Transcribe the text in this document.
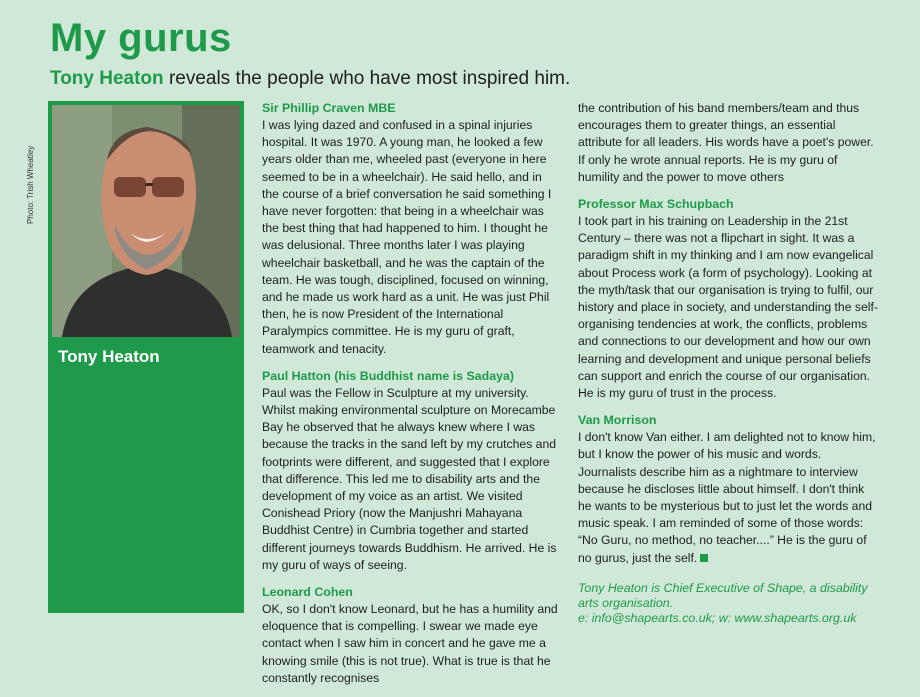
My gurus

Tony Heaton reveals the people who have most inspired him.

Photo: Trish Wheatley
Tony Heaton

Sir Phillip Craven MBE

I was lying dazed and confused in a spinal injuries hospital. It was 1970. A young man, he looked a few years older than me, wheeled past (everyone in here seemed to be in a wheelchair). He said hello, and in the course of a brief conversation he said something I have never forgotten: that being in a wheelchair was the best thing that had happened to him. I thought he was delusional. Three months later I was playing wheelchair basketball, and he was the captain of the team. He was tough, disciplined, focused on winning, and he made us work hard as a unit. He was just Phil then, he is now President of the International Paralympics committee. He is my guru of graft, teamwork and tenacity.

Paul Hatton (his Buddhist name is Sadaya)

Paul was the Fellow in Sculpture at my university. Whilst making environmental sculpture on Morecambe Bay he observed that he always knew where I was because the tracks in the sand left by my crutches and footprints were different, and suggested that I explore that difference. This led me to disability arts and the development of my voice as an artist. We visited Conishead Priory (now the Manjushri Mahayana Buddhist Centre) in Cumbria together and started different journeys towards Buddhism. He arrived. He is my guru of ways of seeing.

Leonard Cohen

OK, so I don't know Leonard, but he has a humility and eloquence that is compelling. I swear we made eye contact when I saw him in concert and he gave me a knowing smile (this is not true). What is true is that he constantly recognises

the contribution of his band members/team and thus encourages them to greater things, an essential attribute for all leaders. His words have a poet's power. If only he wrote annual reports. He is my guru of humility and the power to move others

Professor Max Schupbach

I took part in his training on Leadership in the 21st Century – there was not a flipchart in sight. It was a paradigm shift in my thinking and I am now evangelical about Process work (a form of psychology). Looking at the myth/task that our organisation is trying to fulfil, our history and place in society, and understanding the self-organising tendencies at work, the conflicts, problems and connections to our development and how our own learning and development and unique personal beliefs can support and enrich the course of our organisation. He is my guru of trust in the process.

Van Morrison

I don't know Van either. I am delighted not to know him, but I know the power of his music and words. Journalists describe him as a nightmare to interview because he discloses little about himself. I don't think he wants to be mysterious but to just let the words and music speak. I am reminded of some of those words: “No Guru, no method, no teacher....” He is the guru of no gurus, just the self.

Tony Heaton is Chief Executive of Shape, a disability arts organisation.
e: info@shapearts.co.uk; w: www.shapearts.org.uk
